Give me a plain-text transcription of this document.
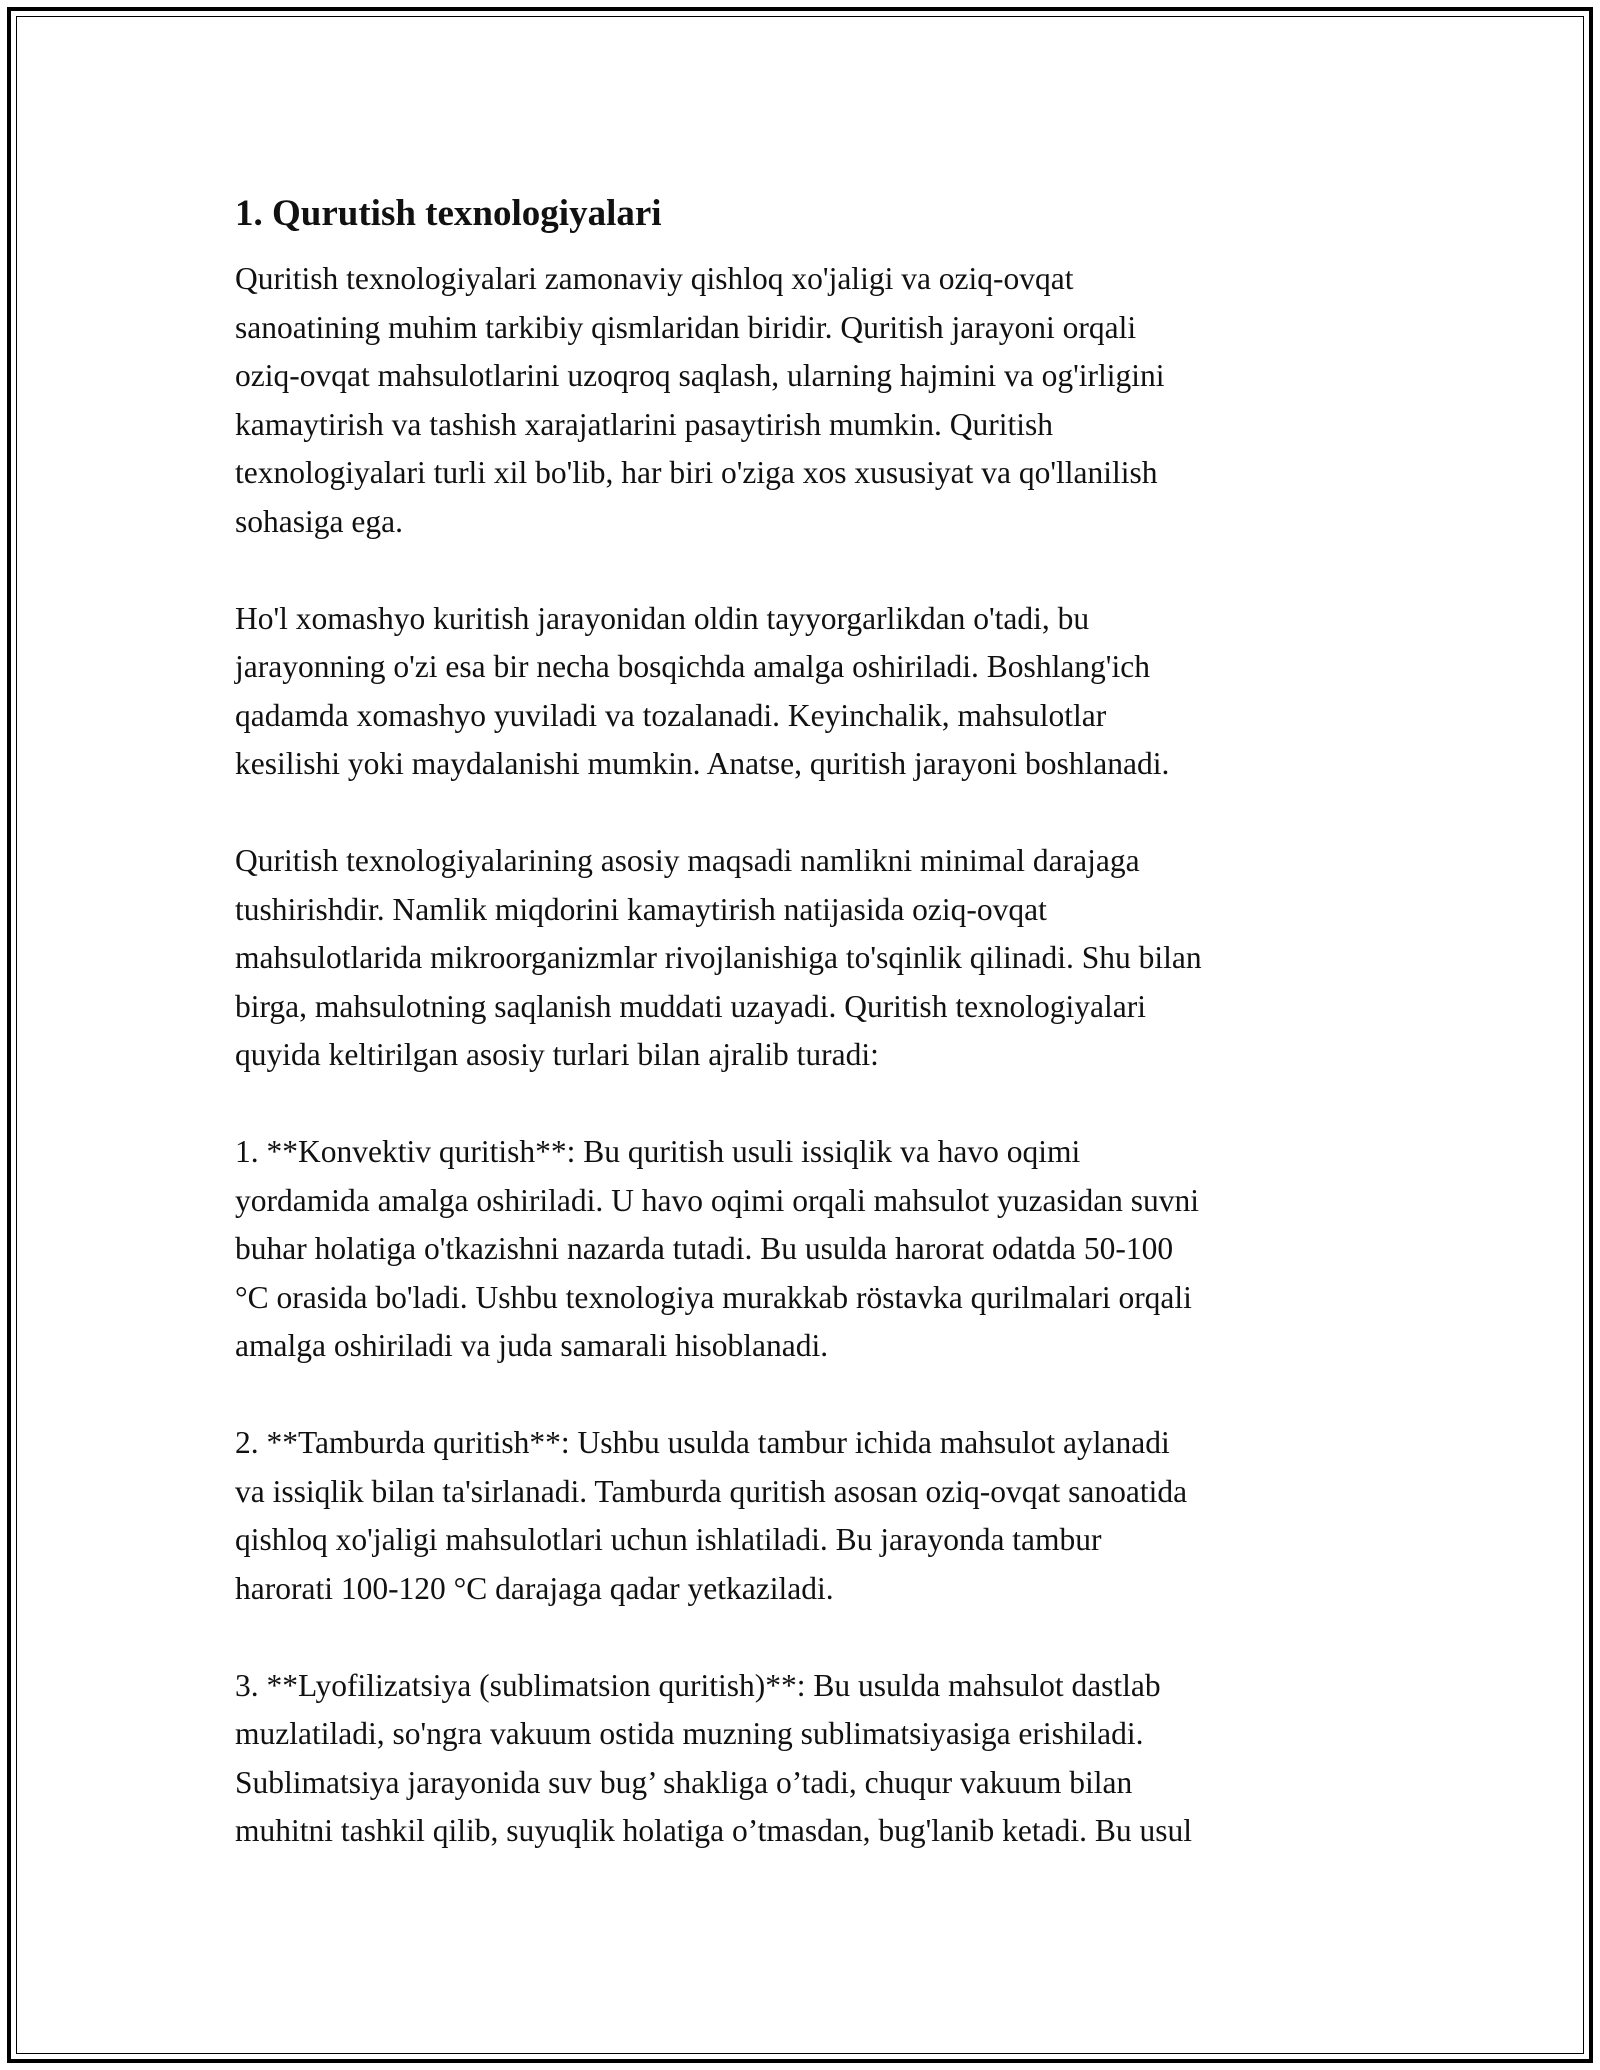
1. Qurutish texnologiyalari

Quritish texnologiyalari zamonaviy qishloq xo'jaligi va oziq-ovqat
sanoatining muhim tarkibiy qismlaridan biridir. Quritish jarayoni orqali
oziq-ovqat mahsulotlarini uzoqroq saqlash, ularning hajmini va og'irligini
kamaytirish va tashish xarajatlarini pasaytirish mumkin. Quritish
texnologiyalari turli xil bo'lib, har biri o'ziga xos xususiyat va qo'llanilish
sohasiga ega.

Ho'l xomashyo kuritish jarayonidan oldin tayyorgarlikdan o'tadi, bu
jarayonning o'zi esa bir necha bosqichda amalga oshiriladi. Boshlang'ich
qadamda xomashyo yuviladi va tozalanadi. Keyinchalik, mahsulotlar
kesilishi yoki maydalanishi mumkin. Anatse, quritish jarayoni boshlanadi.

Quritish texnologiyalarining asosiy maqsadi namlikni minimal darajaga
tushirishdir. Namlik miqdorini kamaytirish natijasida oziq-ovqat
mahsulotlarida mikroorganizmlar rivojlanishiga to'sqinlik qilinadi. Shu bilan
birga, mahsulotning saqlanish muddati uzayadi. Quritish texnologiyalari
quyida keltirilgan asosiy turlari bilan ajralib turadi:

1. **Konvektiv quritish**: Bu quritish usuli issiqlik va havo oqimi
yordamida amalga oshiriladi. U havo oqimi orqali mahsulot yuzasidan suvni
buhar holatiga o'tkazishni nazarda tutadi. Bu usulda harorat odatda 50-100
°C orasida bo'ladi. Ushbu texnologiya murakkab röstavka qurilmalari orqali
amalga oshiriladi va juda samarali hisoblanadi.

2. **Tamburda quritish**: Ushbu usulda tambur ichida mahsulot aylanadi
va issiqlik bilan ta'sirlanadi. Tamburda quritish asosan oziq-ovqat sanoatida
qishloq xo'jaligi mahsulotlari uchun ishlatiladi. Bu jarayonda tambur
harorati 100-120 °C darajaga qadar yetkaziladi.

3. **Lyofilizatsiya (sublimatsion quritish)**: Bu usulda mahsulot dastlab
muzlatiladi, so'ngra vakuum ostida muzning sublimatsiyasiga erishiladi.
Sublimatsiya jarayonida suv bug’ shakliga o’tadi, chuqur vakuum bilan
muhitni tashkil qilib, suyuqlik holatiga o’tmasdan, bug'lanib ketadi. Bu usul
